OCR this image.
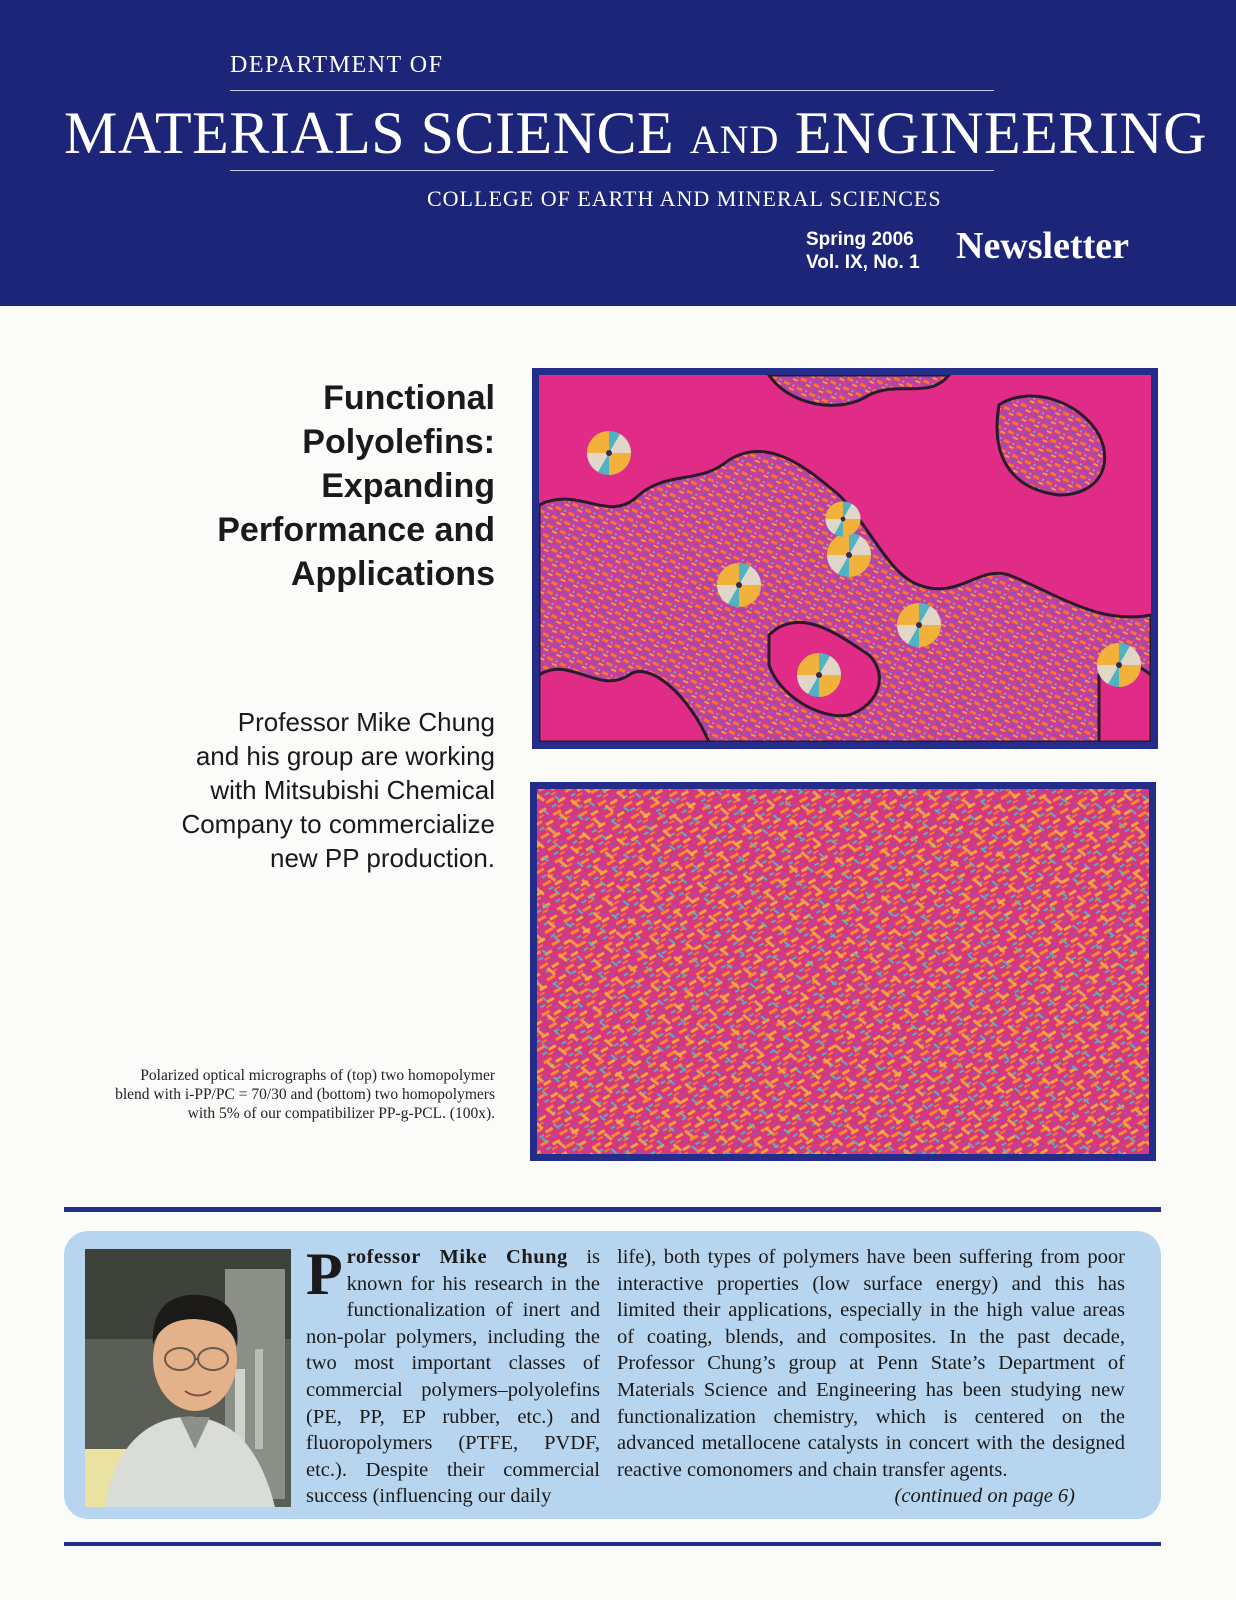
DEPARTMENT OF
MATERIALS SCIENCE AND ENGINEERING
COLLEGE OF EARTH AND MINERAL SCIENCES
Spring 2006
Vol. IX, No. 1 Newsletter
Functional
Polyolefins:
Expanding
Performance and
Applications
Professor Mike Chung
and his group are working
with Mitsubishi Chemical
Company to commercialize
new PP production.
Polarized optical micrographs of (top) two homopolymer
blend with i-PP/PC = 70/30 and (bottom) two homopolymers
with 5% of our compatibilizer PP-g-PCL. (100x).
Professor Mike Chung is known for his research in the functionalization of inert and non-polar polymers, including the two most important classes of commercial polymers–polyolefins (PE, PP, EP rubber, etc.) and fluoropolymers (PTFE, PVDF, etc.). Despite their commercial success (influencing our daily
life), both types of polymers have been suffering from poor interactive properties (low surface energy) and this has limited their applications, especially in the high value areas of coating, blends, and composites. In the past decade, Professor Chung’s group at Penn State’s Department of Materials Science and Engineering has been studying new functionalization chemistry, which is centered on the advanced metallocene catalysts in concert with the designed reactive comonomers and chain transfer agents.
(continued on page 6)
